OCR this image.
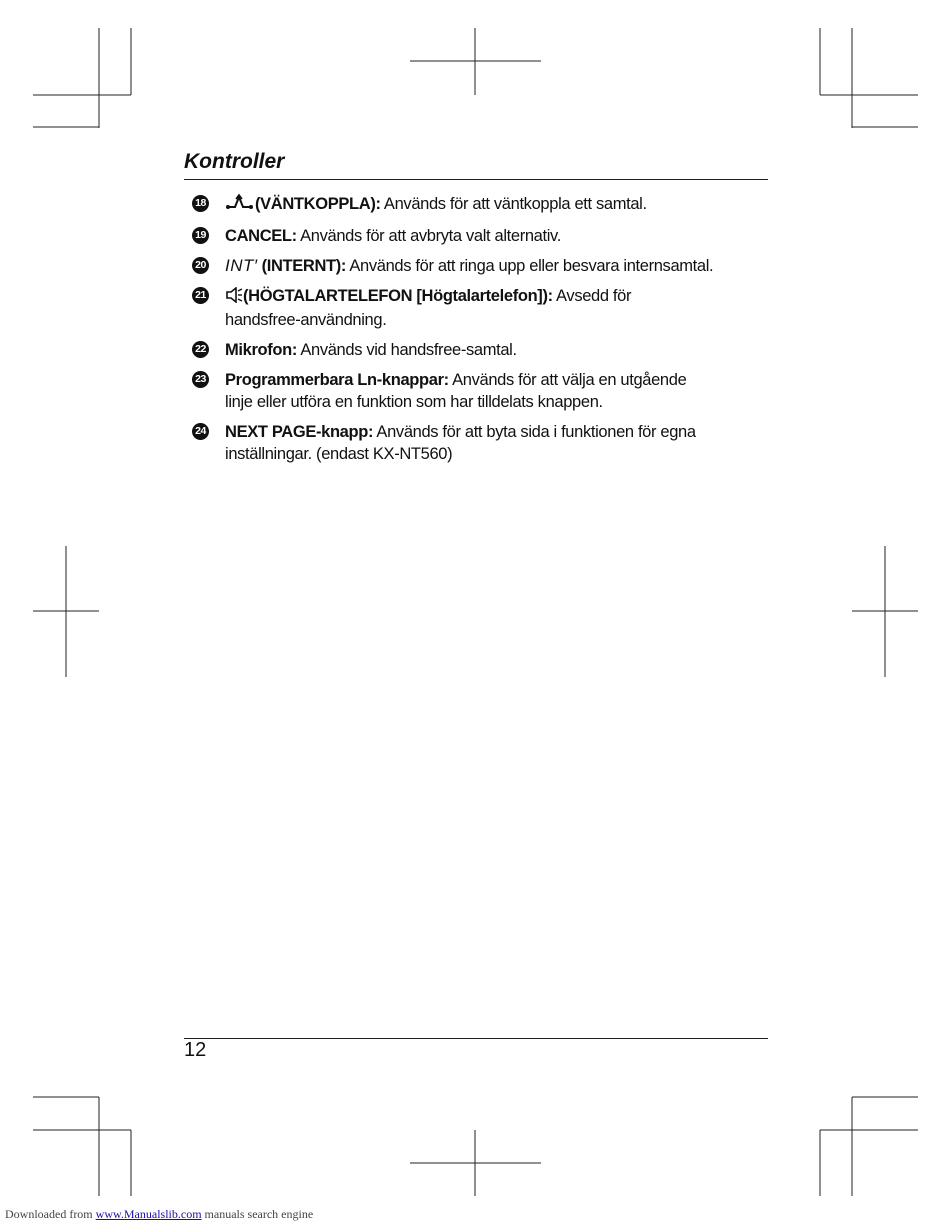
Kontroller
18	(VÄNTKOPPLA): Används för att väntkoppla ett samtal.
19 CANCEL: Används för att avbryta valt alternativ.
20 INT′ (INTERNT): Används för att ringa upp eller besvara internsamtal.
21 (HÖGTALARTELEFON [Högtalartelefon]): Avsedd för
handsfree-användning.
22 Mikrofon: Används vid handsfree-samtal.
23 Programmerbara Ln-knappar: Används för att välja en utgående
linje eller utföra en funktion som har tilldelats knappen.
24 NEXT PAGE-knapp: Används för att byta sida i funktionen för egna
inställningar. (endast KX-NT560)
12
Downloaded from www.Manualslib.com manuals search engine
